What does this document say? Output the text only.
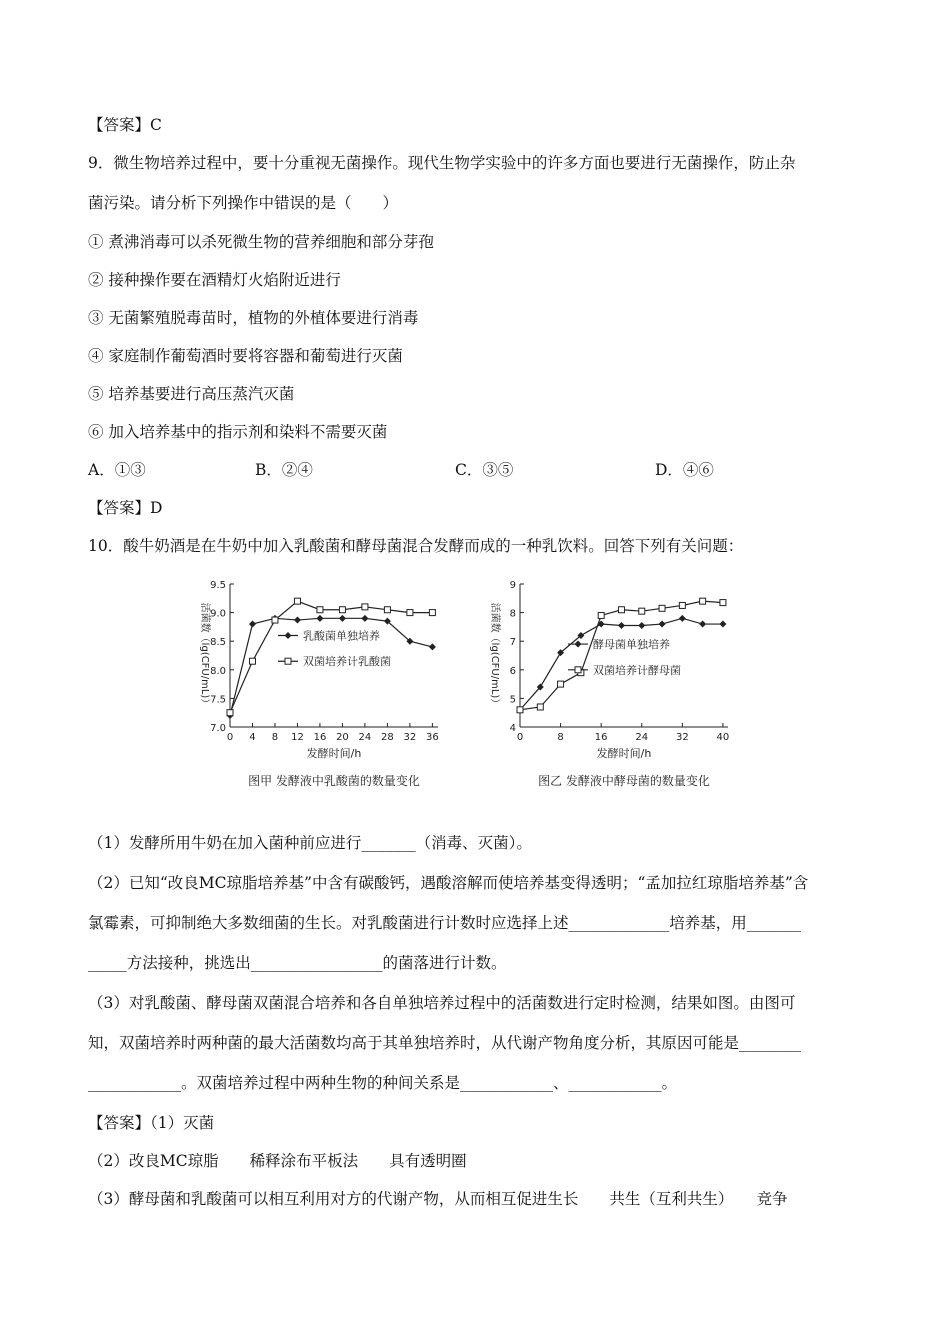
【答案】C
9．微生物培养过程中，要十分重视无菌操作。现代生物学实验中的许多方面也要进行无菌操作，防止杂
菌污染。请分析下列操作中错误的是（　　）
① 煮沸消毒可以杀死微生物的营养细胞和部分芽孢
② 接种操作要在酒精灯火焰附近进行
③ 无菌繁殖脱毒苗时，植物的外植体要进行消毒
④ 家庭制作葡萄酒时要将容器和葡萄进行灭菌
⑤ 培养基要进行高压蒸汽灭菌
⑥ 加入培养基中的指示剂和染料不需要灭菌
A．①③	B．②④	C．③⑤	D．④⑥
【答案】D
10．酸牛奶酒是在牛奶中加入乳酸菌和酵母菌混合发酵而成的一种乳饮料。回答下列有关问题：
7.0
7.5
8.0
8.5
9.0
9.5
0 4 8 12 16 20 24 28 32 36
活菌数（lg(CFU/mL)）
发酵时间/h
图甲 发酵液中乳酸菌的数量变化
乳酸菌单独培养
双菌培养计乳酸菌
4
5
6
7
8
9
0	8	16	24	32	40
活菌数（lg(CFU/mL)）
发酵时间/h
图乙 发酵液中酵母菌的数量变化
酵母菌单独培养
双菌培养计酵母菌
（1）发酵所用牛奶在加入菌种前应进行_______（消毒、灭菌）。
（2）已知“改良MC琼脂培养基”中含有碳酸钙，遇酸溶解而使培养基变得透明；“孟加拉红琼脂培养基”含
氯霉素，可抑制绝大多数细菌的生长。对乳酸菌进行计数时应选择上述_____________培养基，用_______
_____方法接种，挑选出_________________的菌落进行计数。
（3）对乳酸菌、酵母菌双菌混合培养和各自单独培养过程中的活菌数进行定时检测，结果如图。由图可
知，双菌培养时两种菌的最大活菌数均高于其单独培养时，从代谢产物角度分析，其原因可能是________
____________。双菌培养过程中两种生物的种间关系是____________、____________。
【答案】（1）灭菌
（2）改良MC琼脂　　稀释涂布平板法　　具有透明圈
（3）酵母菌和乳酸菌可以相互利用对方的代谢产物，从而相互促进生长　　共生（互利共生）　　竞争
